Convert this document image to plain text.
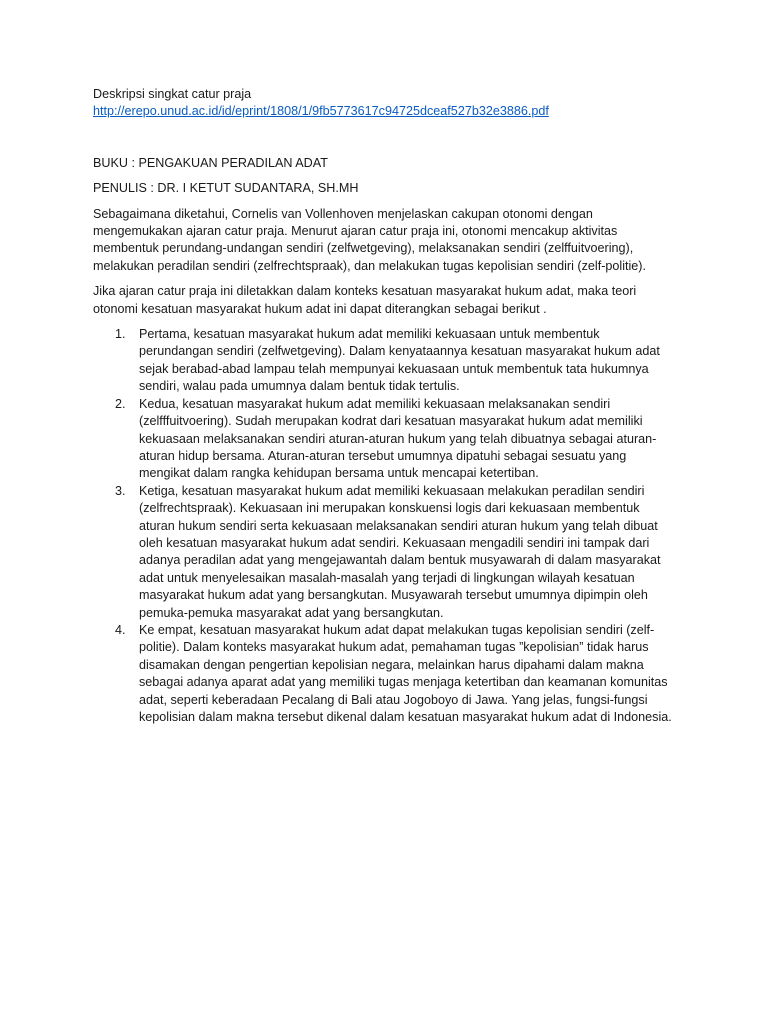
Deskripsi singkat catur praja

http://erepo.unud.ac.id/id/eprint/1808/1/9fb5773617c94725dceaf527b32e3886.pdf

BUKU : PENGAKUAN PERADILAN ADAT

PENULIS : DR. I KETUT SUDANTARA, SH.MH

Sebagaimana diketahui, Cornelis van Vollenhoven menjelaskan cakupan otonomi dengan mengemukakan ajaran catur praja. Menurut ajaran catur praja ini, otonomi mencakup aktivitas membentuk perundang-undangan sendiri (zelfwetgeving), melaksanakan sendiri (zelffuitvoering), melakukan peradilan sendiri (zelfrechtspraak), dan melakukan tugas kepolisian sendiri (zelf-politie).

Jika ajaran catur praja ini diletakkan dalam konteks kesatuan masyarakat hukum adat, maka teori otonomi kesatuan masyarakat hukum adat ini dapat diterangkan sebagai berikut .

1. Pertama, kesatuan masyarakat hukum adat memiliki kekuasaan untuk membentuk perundangan sendiri (zelfwetgeving). Dalam kenyataannya kesatuan masyarakat hukum adat sejak berabad-abad lampau telah mempunyai kekuasaan untuk membentuk tata hukumnya sendiri, walau pada umumnya dalam bentuk tidak tertulis.
2. Kedua, kesatuan masyarakat hukum adat memiliki kekuasaan melaksanakan sendiri (zelfffuitvoering). Sudah merupakan kodrat dari kesatuan masyarakat hukum adat memiliki kekuasaan melaksanakan sendiri aturan-aturan hukum yang telah dibuatnya sebagai aturan-aturan hidup bersama. Aturan-aturan tersebut umumnya dipatuhi sebagai sesuatu yang mengikat dalam rangka kehidupan bersama untuk mencapai ketertiban.
3. Ketiga, kesatuan masyarakat hukum adat memiliki kekuasaan melakukan peradilan sendiri (zelfrechtspraak). Kekuasaan ini merupakan konskuensi logis dari kekuasaan membentuk aturan hukum sendiri serta kekuasaan melaksanakan sendiri aturan hukum yang telah dibuat oleh kesatuan masyarakat hukum adat sendiri. Kekuasaan mengadili sendiri ini tampak dari adanya peradilan adat yang mengejawantah dalam bentuk musyawarah di dalam masyarakat adat untuk menyelesaikan masalah-masalah yang terjadi di lingkungan wilayah kesatuan masyarakat hukum adat yang bersangkutan. Musyawarah tersebut umumnya dipimpin oleh pemuka-pemuka masyarakat adat yang bersangkutan.
4. Ke empat, kesatuan masyarakat hukum adat dapat melakukan tugas kepolisian sendiri (zelf-politie). Dalam konteks masyarakat hukum adat, pemahaman tugas ”kepolisian” tidak harus disamakan dengan pengertian kepolisian negara, melainkan harus dipahami dalam makna sebagai adanya aparat adat yang memiliki tugas menjaga ketertiban dan keamanan komunitas adat, seperti keberadaan Pecalang di Bali atau Jogoboyo di Jawa. Yang jelas, fungsi-fungsi kepolisian dalam makna tersebut dikenal dalam kesatuan masyarakat hukum adat di Indonesia.
